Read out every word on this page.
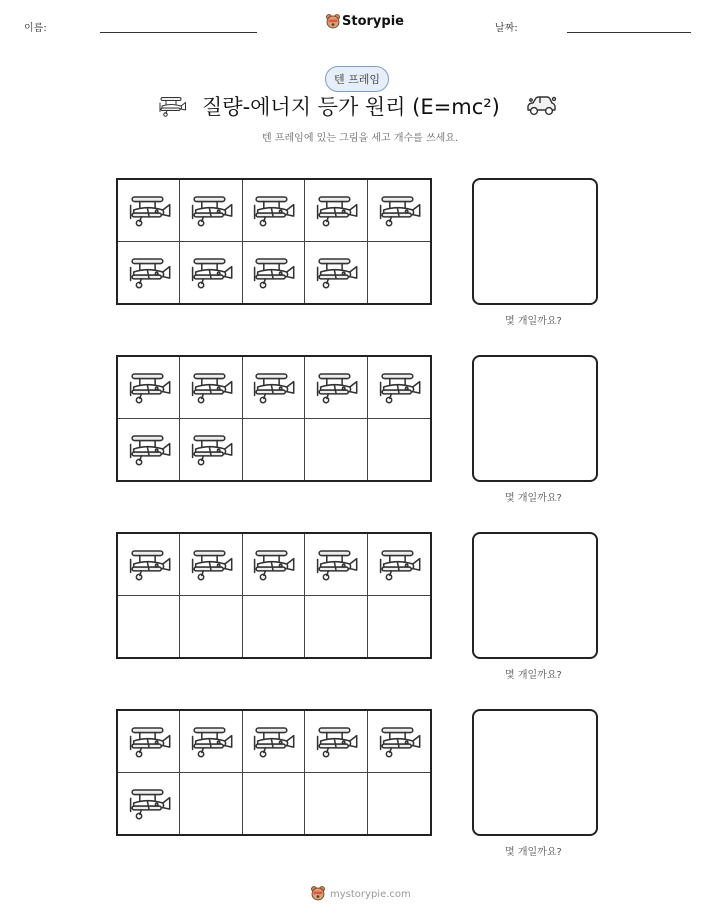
이름:	Storypie	날짜:
텐 프레임
질량-에너지 등가 원리 (E=mc²)
텐 프레임에 있는 그림을 세고 개수를 쓰세요.
몇 개일까요?
몇 개일까요?
몇 개일까요?
몇 개일까요?
mystorypie.com
